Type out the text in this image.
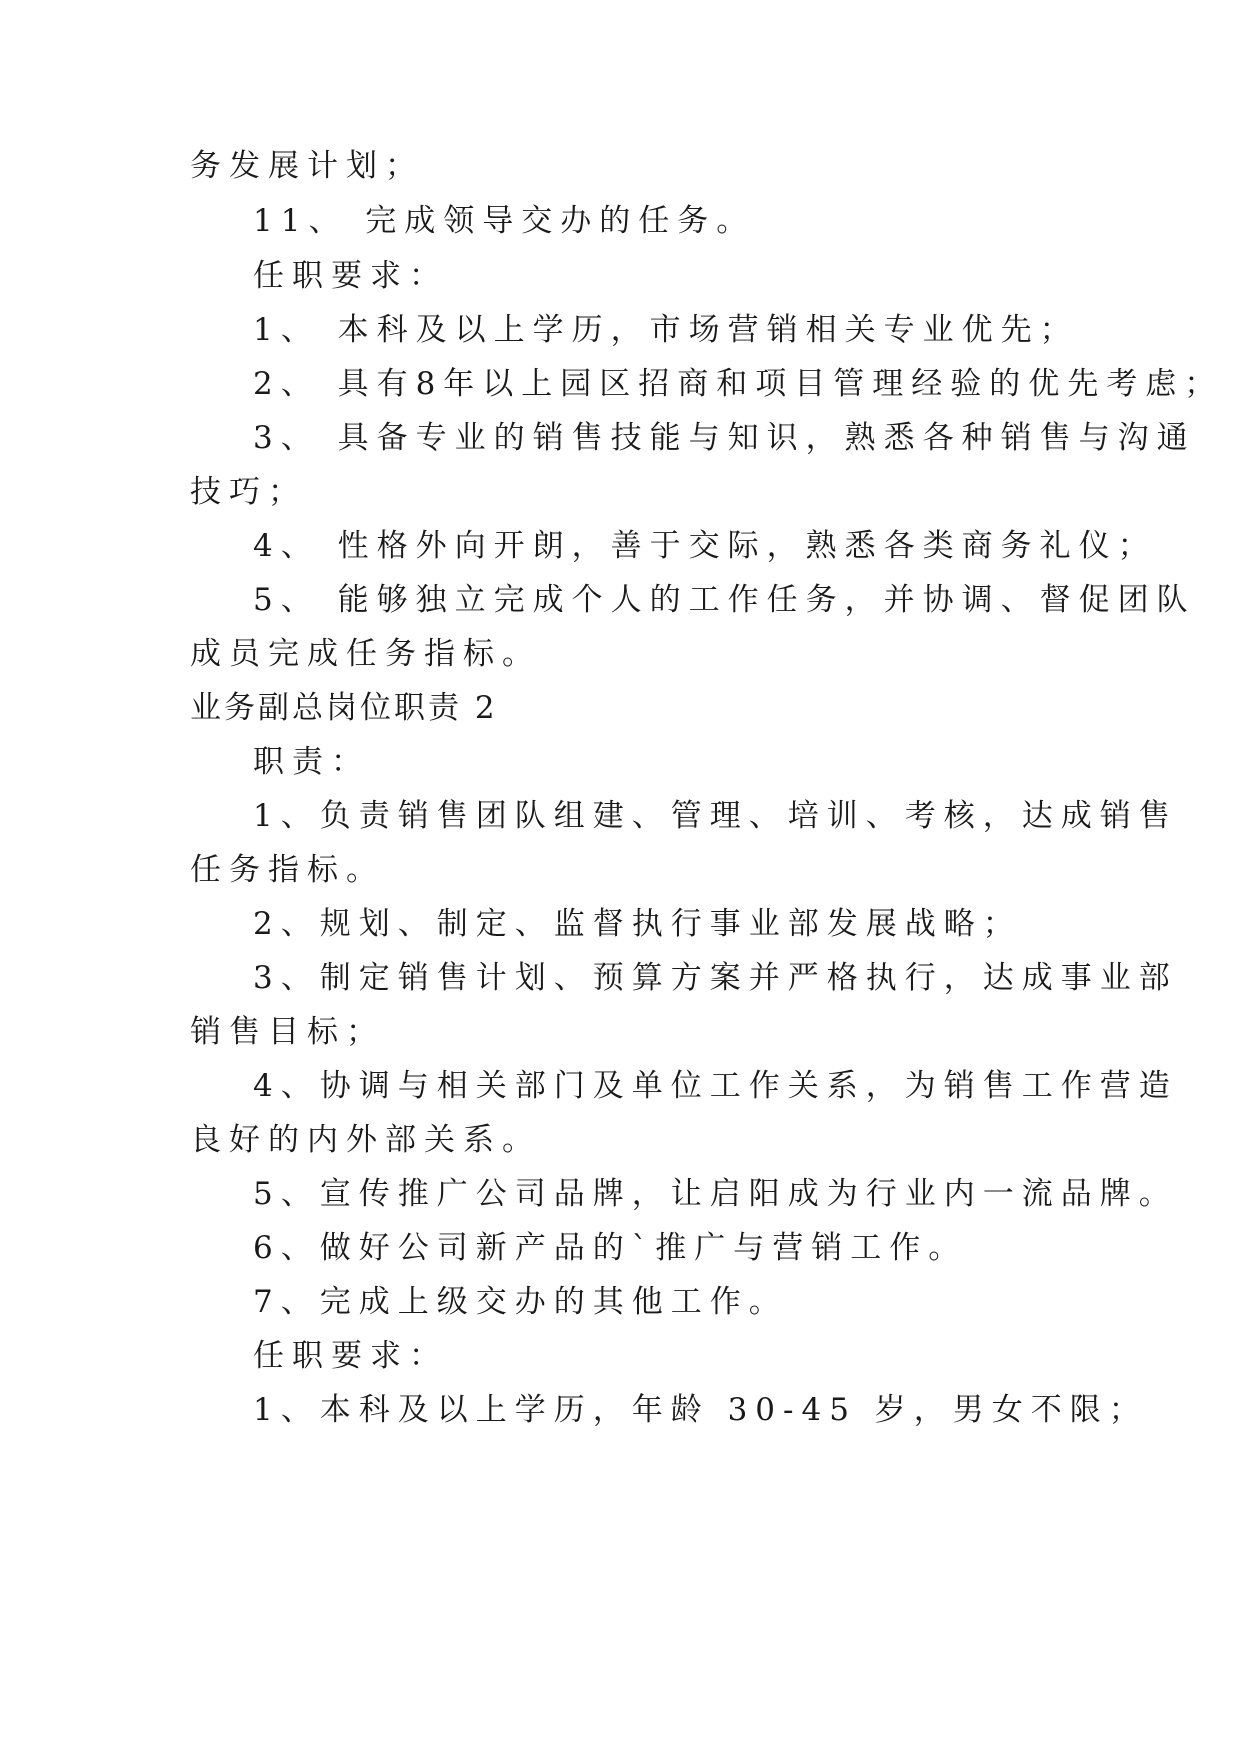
务发展计划；
11、 完成领导交办的任务。
任职要求：
1、 本科及以上学历，市场营销相关专业优先；
2、 具有8年以上园区招商和项目管理经验的优先考虑；
3、 具备专业的销售技能与知识，熟悉各种销售与沟通
技巧；
4、 性格外向开朗，善于交际，熟悉各类商务礼仪；
5、 能够独立完成个人的工作任务，并协调、督促团队
成员完成任务指标。
业务副总岗位职责 2
职责：
1、负责销售团队组建、管理、培训、考核，达成销售
任务指标。
2、规划、制定、监督执行事业部发展战略；
3、制定销售计划、预算方案并严格执行，达成事业部
销售目标；
4、协调与相关部门及单位工作关系，为销售工作营造
良好的内外部关系。
5、宣传推广公司品牌，让启阳成为行业内一流品牌。
6、做好公司新产品的`推广与营销工作。
7、完成上级交办的其他工作。
任职要求：
1、本科及以上学历，年龄 30-45 岁，男女不限；
